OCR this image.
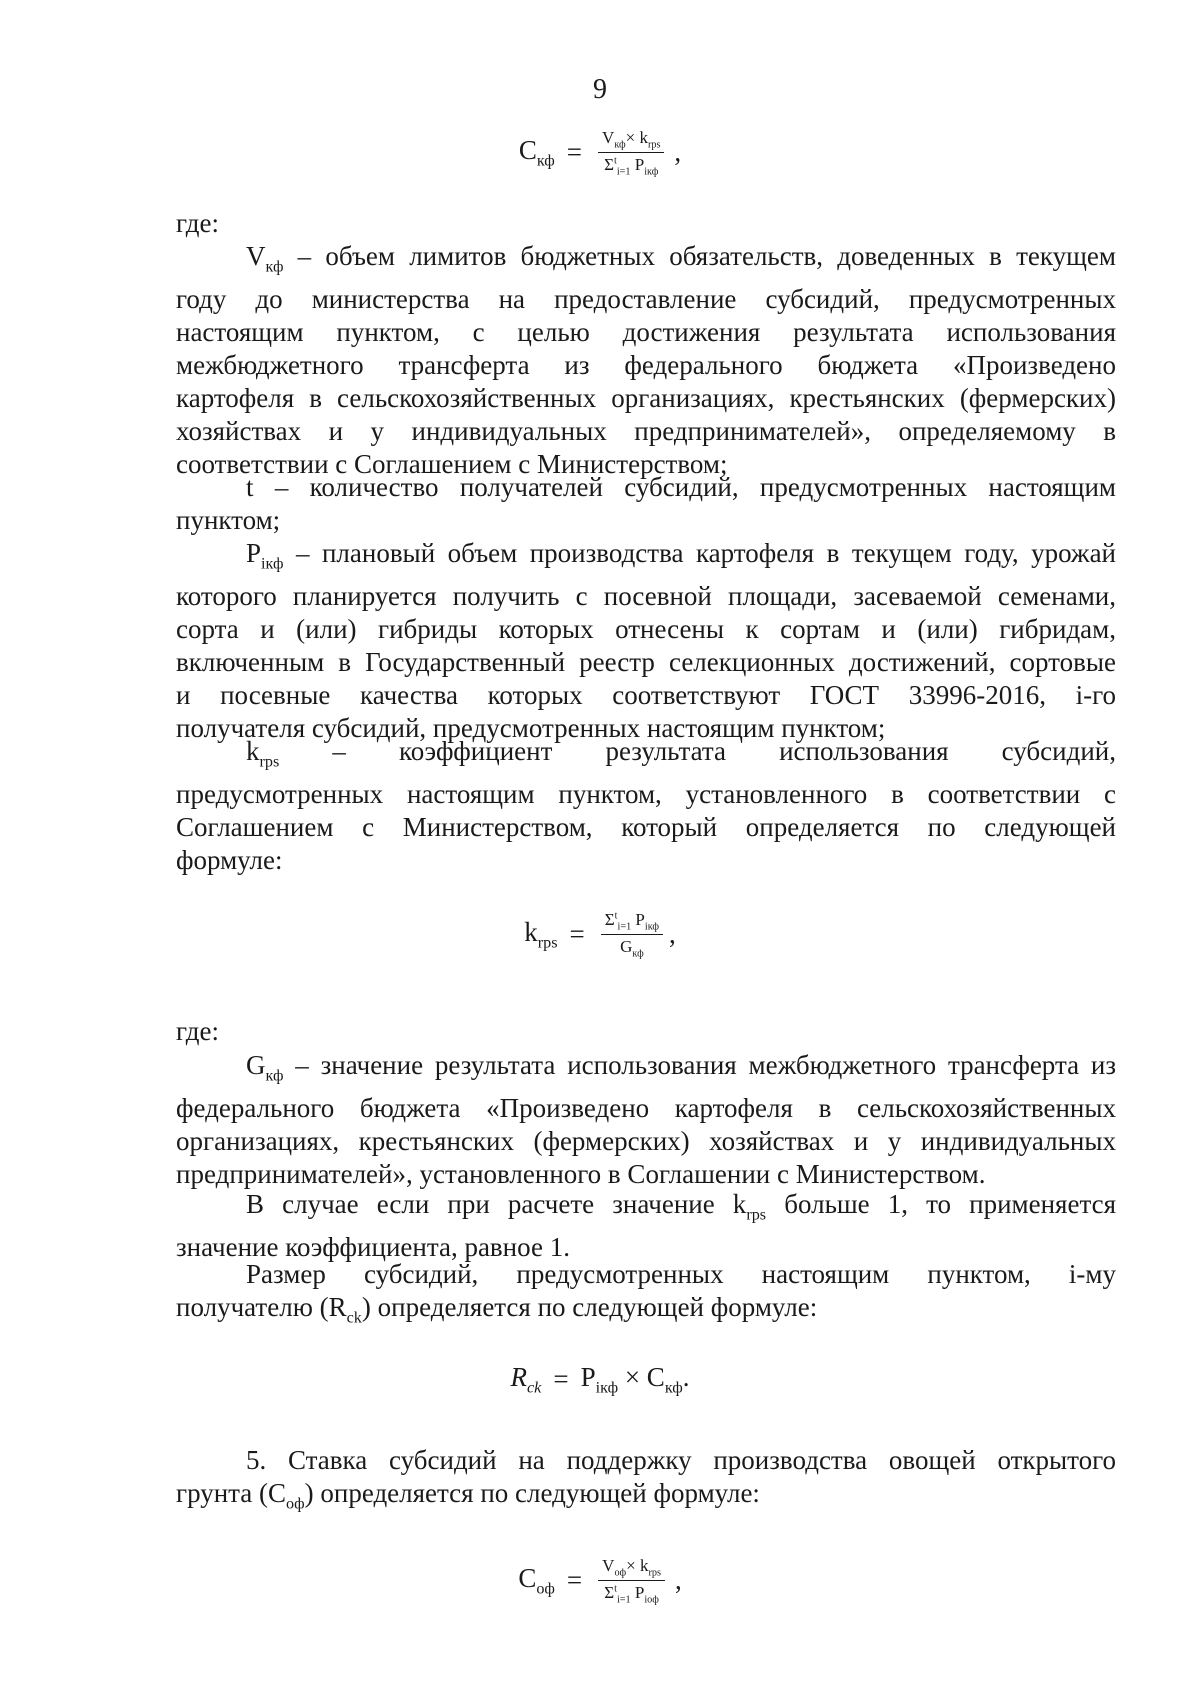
9
$С_{кф} = \frac{V_{кф}\times k_{rps}}{\Sigma^t_{i=1} P_{iкф}}$ ,
где:

$V_{кф}$ – объем лимитов бюджетных обязательств, доведенных в текущем

году до министерства на предоставление субсидий, предусмотренных

настоящим пунктом, с целью достижения результата использования

межбюджетного трансферта из федерального бюджета «Произведено

картофеля в сельскохозяйственных организациях, крестьянских (фермерских)

хозяйствах и у индивидуальных предпринимателей», определяемому в

соответствии с Соглашением с Министерством;

t – количество получателей субсидий, предусмотренных настоящим

пунктом;

$P_{iкф}$ – плановый объем производства картофеля в текущем году, урожай

которого планируется получить с посевной площади, засеваемой семенами,

сорта и (или) гибриды которых отнесены к сортам и (или) гибридам,

включенным в Государственный реестр селекционных достижений, сортовые

и посевные качества которых соответствуют ГОСТ 33996-2016, i-го

получателя субсидий, предусмотренных настоящим пунктом;

$k_{rps}$ – коэффициент результата использования субсидий,

предусмотренных настоящим пунктом, установленного в соответствии с

Соглашением с Министерством, который определяется по следующей

формуле:

$k_{rps} = \frac{\Sigma^t_{i=1} P_{iкф}}{G_{кф}}$ ,
где:

$G_{кф}$ – значение результата использования межбюджетного трансферта из

федерального бюджета «Произведено картофеля в сельскохозяйственных

организациях, крестьянских (фермерских) хозяйствах и у индивидуальных

предпринимателей», установленного в Соглашении с Министерством.

В случае если при расчете значение $k_{rps}$ больше 1, то применяется

значение коэффициента, равное 1.

Размер субсидий, предусмотренных настоящим пунктом, i-му

получателю $(R_{ck})$ определяется по следующей формуле:

$R_{ck} = P_{iкф} \times С_{кф}$.

5. Ставка субсидий на поддержку производства овощей открытого

грунта $(С_{оф})$ определяется по следующей формуле:

$С_{оф} = \frac{V_{оф}\times k_{rps}}{\Sigma^t_{i=1} P_{iоф}}$ ,
